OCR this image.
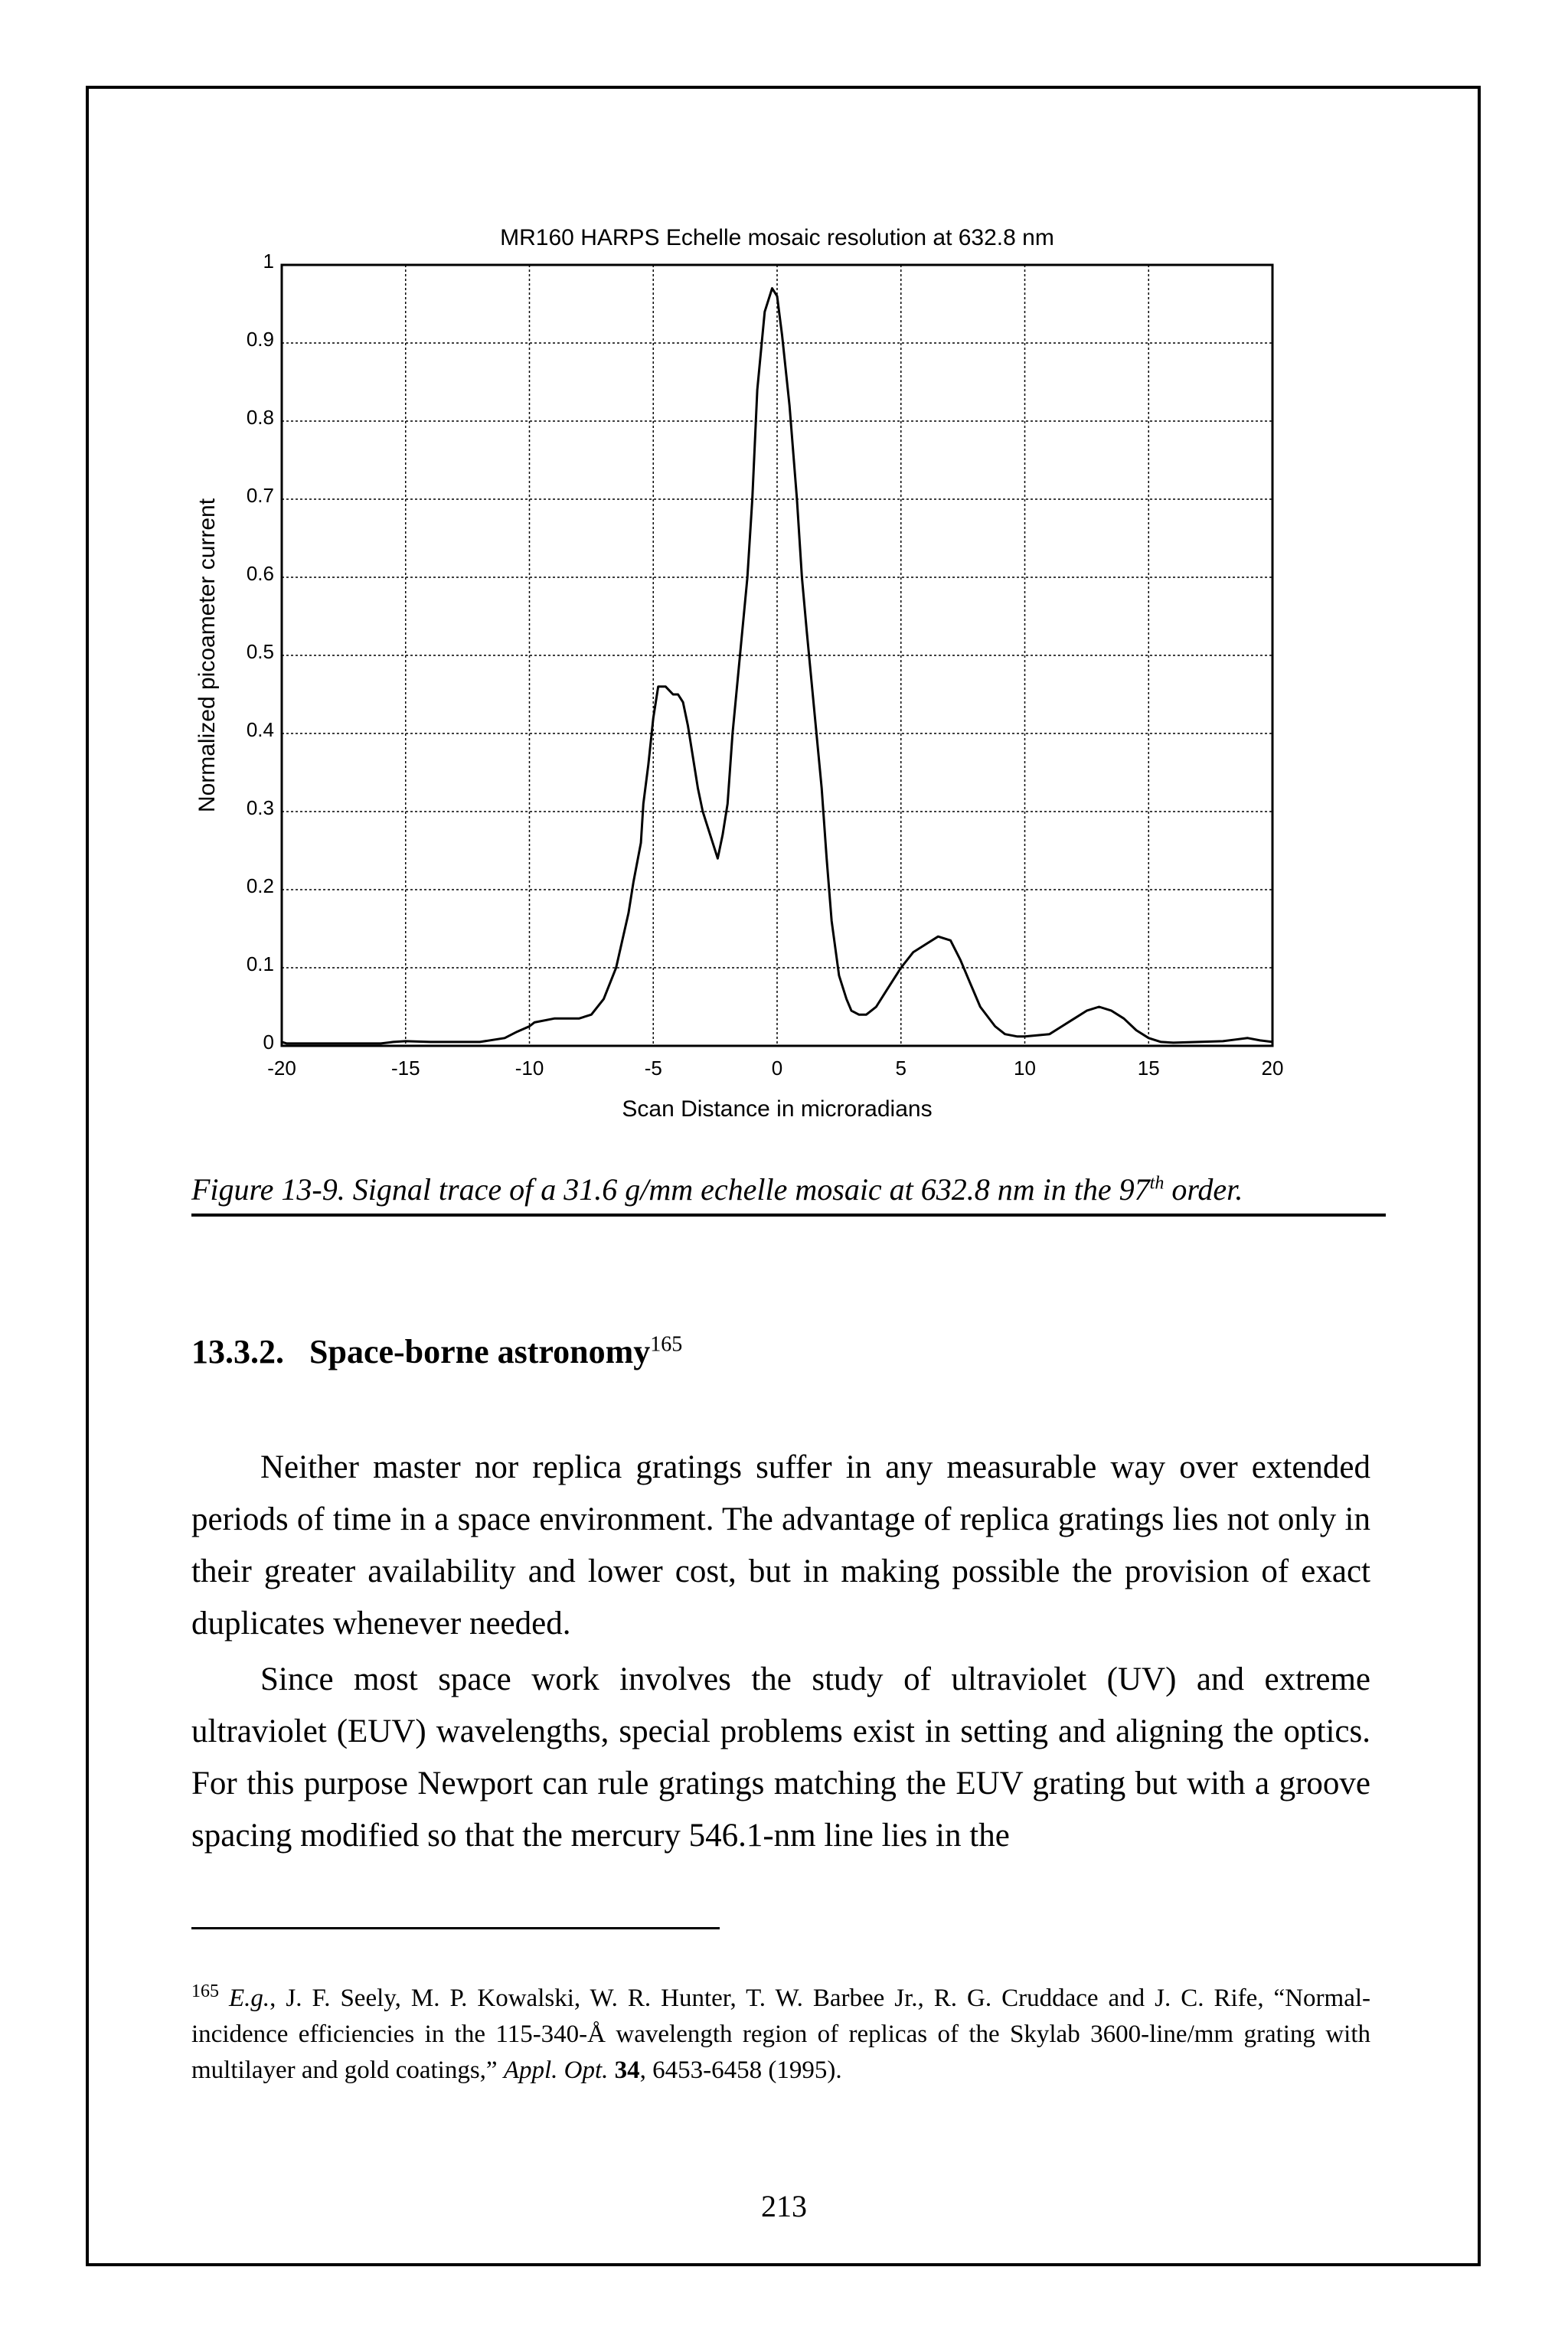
-20	-15	-10	-5	0	5	10	15	20
0
0.1
0.2
0.3
0.4
0.5
0.6
0.7
0.8
0.9
1
MR160 HARPS Echelle mosaic resolution at 632.8 nm
Scan Distance in microradians
Normalized picoameter current
Figure 13-9. Signal trace of a 31.6 g/mm echelle mosaic at 632.8 nm in the 97th order.
13.3.2. Space-borne astronomy$^{165}$

Neither master nor replica gratings suffer in any measurable way over extended periods of time in a space environment. The advantage of replica gratings lies not only in their greater availability and lower cost, but in making possible the provision of exact duplicates whenever needed.

Since most space work involves the study of ultraviolet (UV) and extreme ultraviolet (EUV) wavelengths, special problems exist in setting and aligning the optics. For this purpose Newport can rule gratings matching the EUV grating but with a groove spacing modified so that the mercury 546.1-nm line lies in the

$^{165}$ E.g., J. F. Seely, M. P. Kowalski, W. R. Hunter, T. W. Barbee Jr., R. G. Cruddace and J. C. Rife, “Normal-incidence efficiencies in the 115-340-Å wavelength region of replicas of the Skylab 3600-line/mm grating with multilayer and gold coatings,” Appl. Opt. 34, 6453-6458 (1995).

213
